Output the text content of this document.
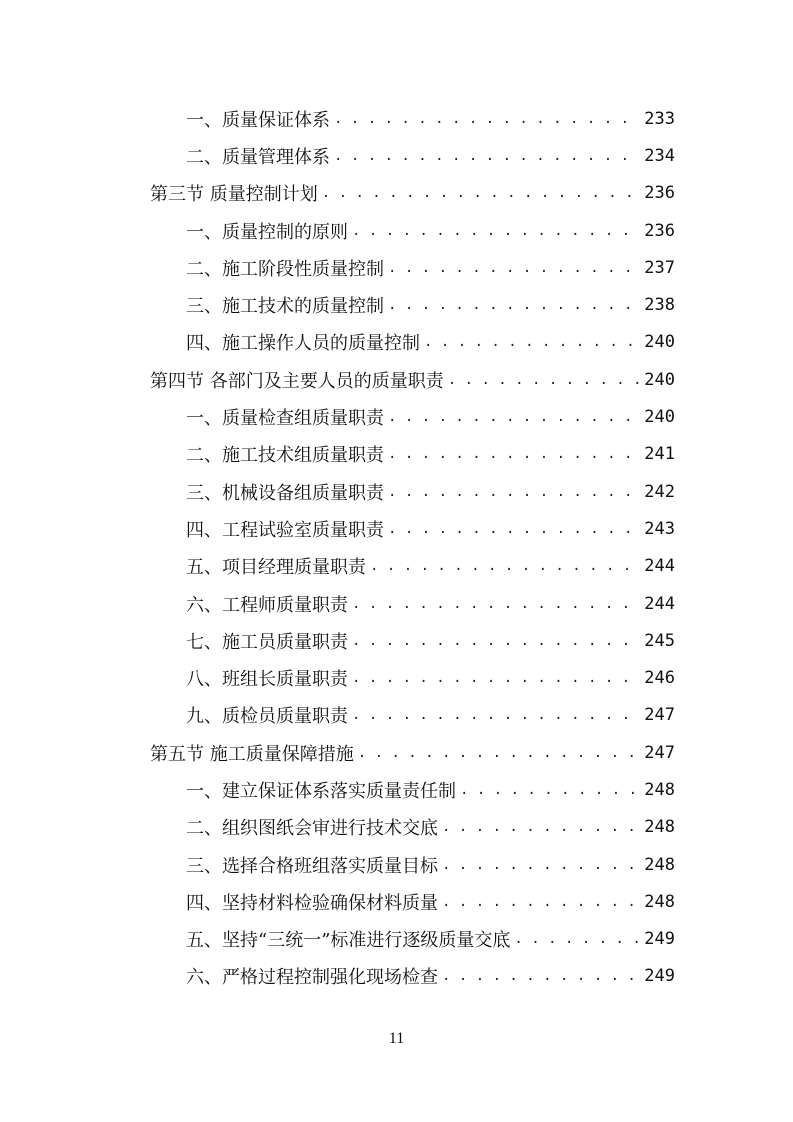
一、质量保证体系 . . .	233
二、质量管理体系 . . .	234
第三节 质量控制计划 . . .	236
一、质量控制的原则 . . .	236
二、施工阶段性质量控制 . . .	237
三、施工技术的质量控制 . . .	238
四、施工操作人员的质量控制 . . .	240
第四节 各部门及主要人员的质量职责 . . .	240
一、质量检查组质量职责 . . .	240
二、施工技术组质量职责 . . .	241
三、机械设备组质量职责 . . .	242
四、工程试验室质量职责 . . .	243
五、项目经理质量职责 . . .	244
六、工程师质量职责 . . .	244
七、施工员质量职责 . . .	245
八、班组长质量职责 . . .	246
九、质检员质量职责 . . .	247
第五节 施工质量保障措施 . . .	247
一、建立保证体系落实质量责任制 . . .	248
二、组织图纸会审进行技术交底 . . .	248
三、选择合格班组落实质量目标 . . .	248
四、坚持材料检验确保材料质量 . . .	248
五、坚持“三统一”标准进行逐级质量交底 . . .	249
六、严格过程控制强化现场检查 . . .	249
11
